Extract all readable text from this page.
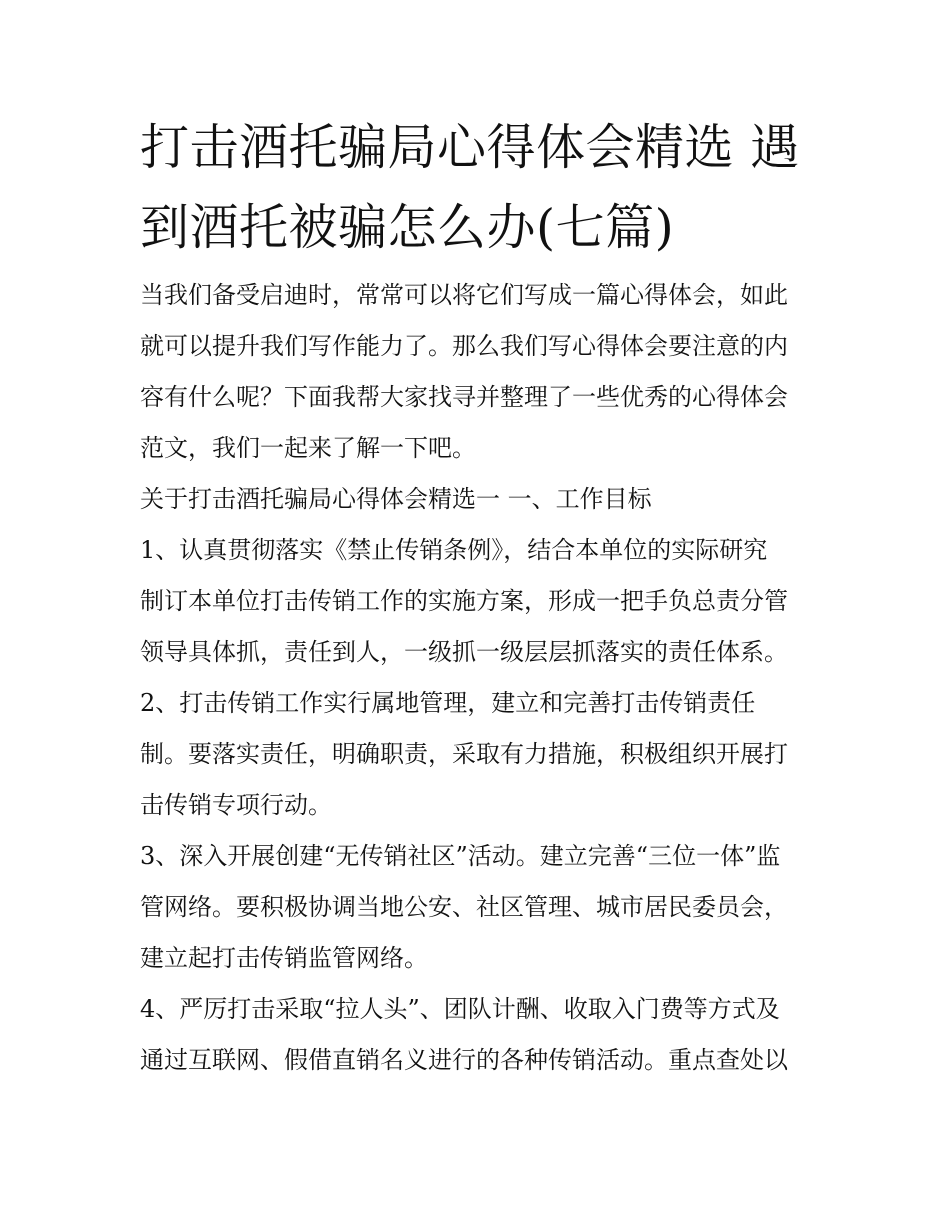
打击酒托骗局心得体会精选 遇
到酒托被骗怎么办(七篇)

当我们备受启迪时，常常可以将它们写成一篇心得体会，如此

就可以提升我们写作能力了。那么我们写心得体会要注意的内

容有什么呢？下面我帮大家找寻并整理了一些优秀的心得体会

范文，我们一起来了解一下吧。

关于打击酒托骗局心得体会精选一 一、工作目标

1、认真贯彻落实《禁止传销条例》，结合本单位的实际研究

制订本单位打击传销工作的实施方案，形成一把手负总责分管

领导具体抓，责任到人，一级抓一级层层抓落实的责任体系。

2、打击传销工作实行属地管理，建立和完善打击传销责任

制。要落实责任，明确职责，采取有力措施，积极组织开展打

击传销专项行动。

3、深入开展创建“无传销社区”活动。建立完善“三位一体”监

管网络。要积极协调当地公安、社区管理、城市居民委员会，

建立起打击传销监管网络。

4、严厉打击采取“拉人头”、团队计酬、收取入门费等方式及

通过互联网、假借直销名义进行的各种传销活动。重点查处以
